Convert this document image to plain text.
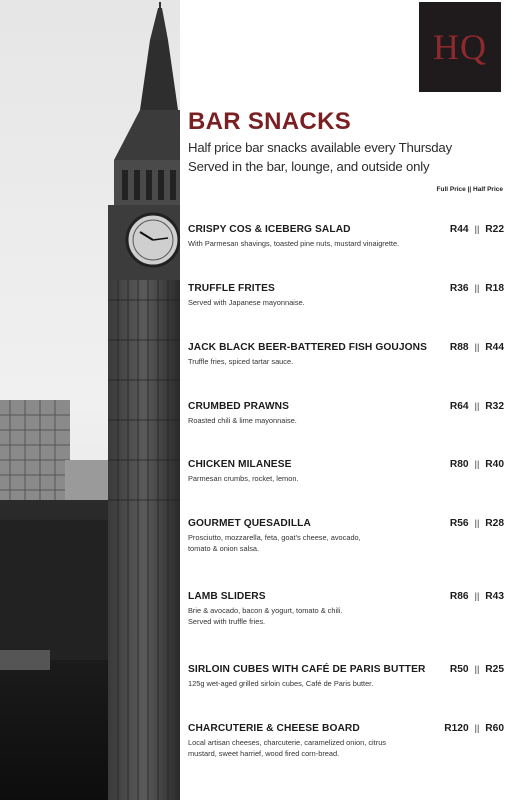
HQ
BAR SNACKS
Half price bar snacks available every Thursday
Served in the bar, lounge, and outside only
Full Price || Half Price
CRISPY COS & ICEBERG SALAD
With Parmesan shavings, toasted pine nuts, mustard vinaigrette.
R44 || R22
TRUFFLE FRITES
Served with Japanese mayonnaise.
R36 || R18
JACK BLACK BEER-BATTERED FISH GOUJONS
Truffle fries, spiced tartar sauce.
R88 || R44
CRUMBED PRAWNS
Roasted chili & lime mayonnaise.
R64 || R32
CHICKEN MILANESE
Parmesan crumbs, rocket, lemon.
R80 || R40
GOURMET QUESADILLA
Prosciutto, mozzarella, feta, goat's cheese, avocado,
tomato & onion salsa.
R56 || R28
LAMB SLIDERS
Brie & avocado, bacon & yogurt, tomato & chili.
Served with truffle fries.
R86 || R43
SIRLOIN CUBES WITH CAFÉ DE PARIS BUTTER
125g wet-aged grilled sirloin cubes, Café de Paris butter.
R50 || R25
CHARCUTERIE & CHEESE BOARD
Local artisan cheeses, charcuterie, caramelized onion, citrus
mustard, sweet harrief, wood fired corn-bread.
R120 || R60
